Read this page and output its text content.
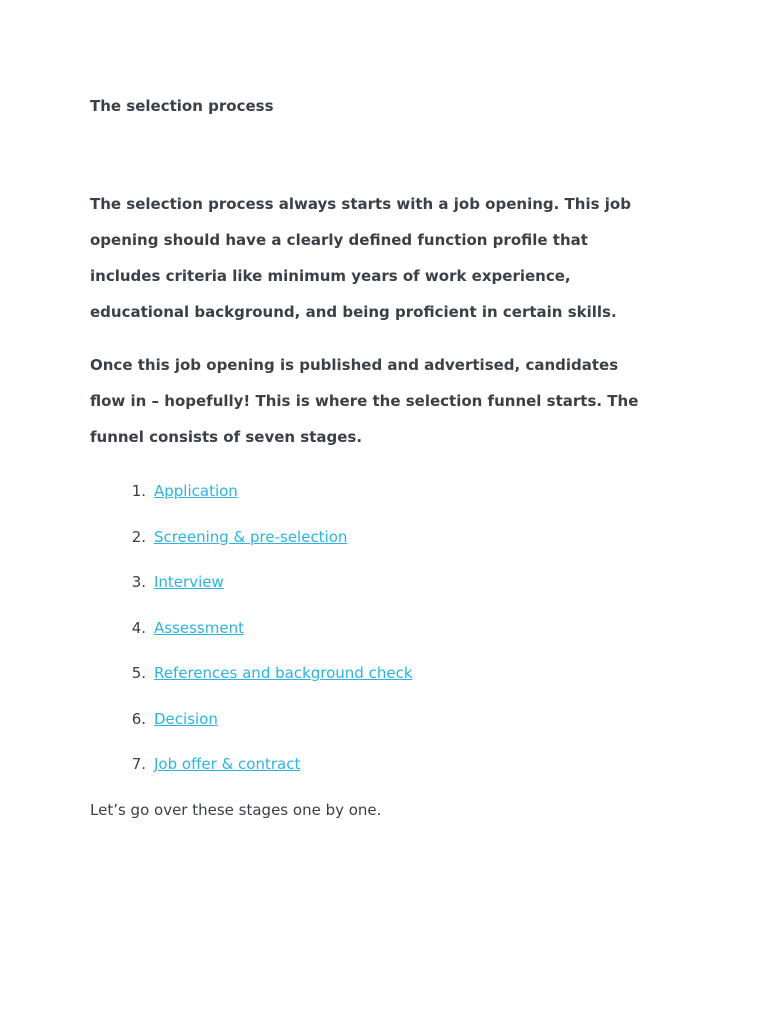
The selection process

The selection process always starts with a job opening. This job opening should have a clearly defined function profile that includes criteria like minimum years of work experience, educational background, and being proficient in certain skills.

Once this job opening is published and advertised, candidates flow in – hopefully! This is where the selection funnel starts. The funnel consists of seven stages.

1. Application
2. Screening & pre-selection
3. Interview
4. Assessment
5. References and background check
6. Decision
7. Job offer & contract

Let’s go over these stages one by one.
